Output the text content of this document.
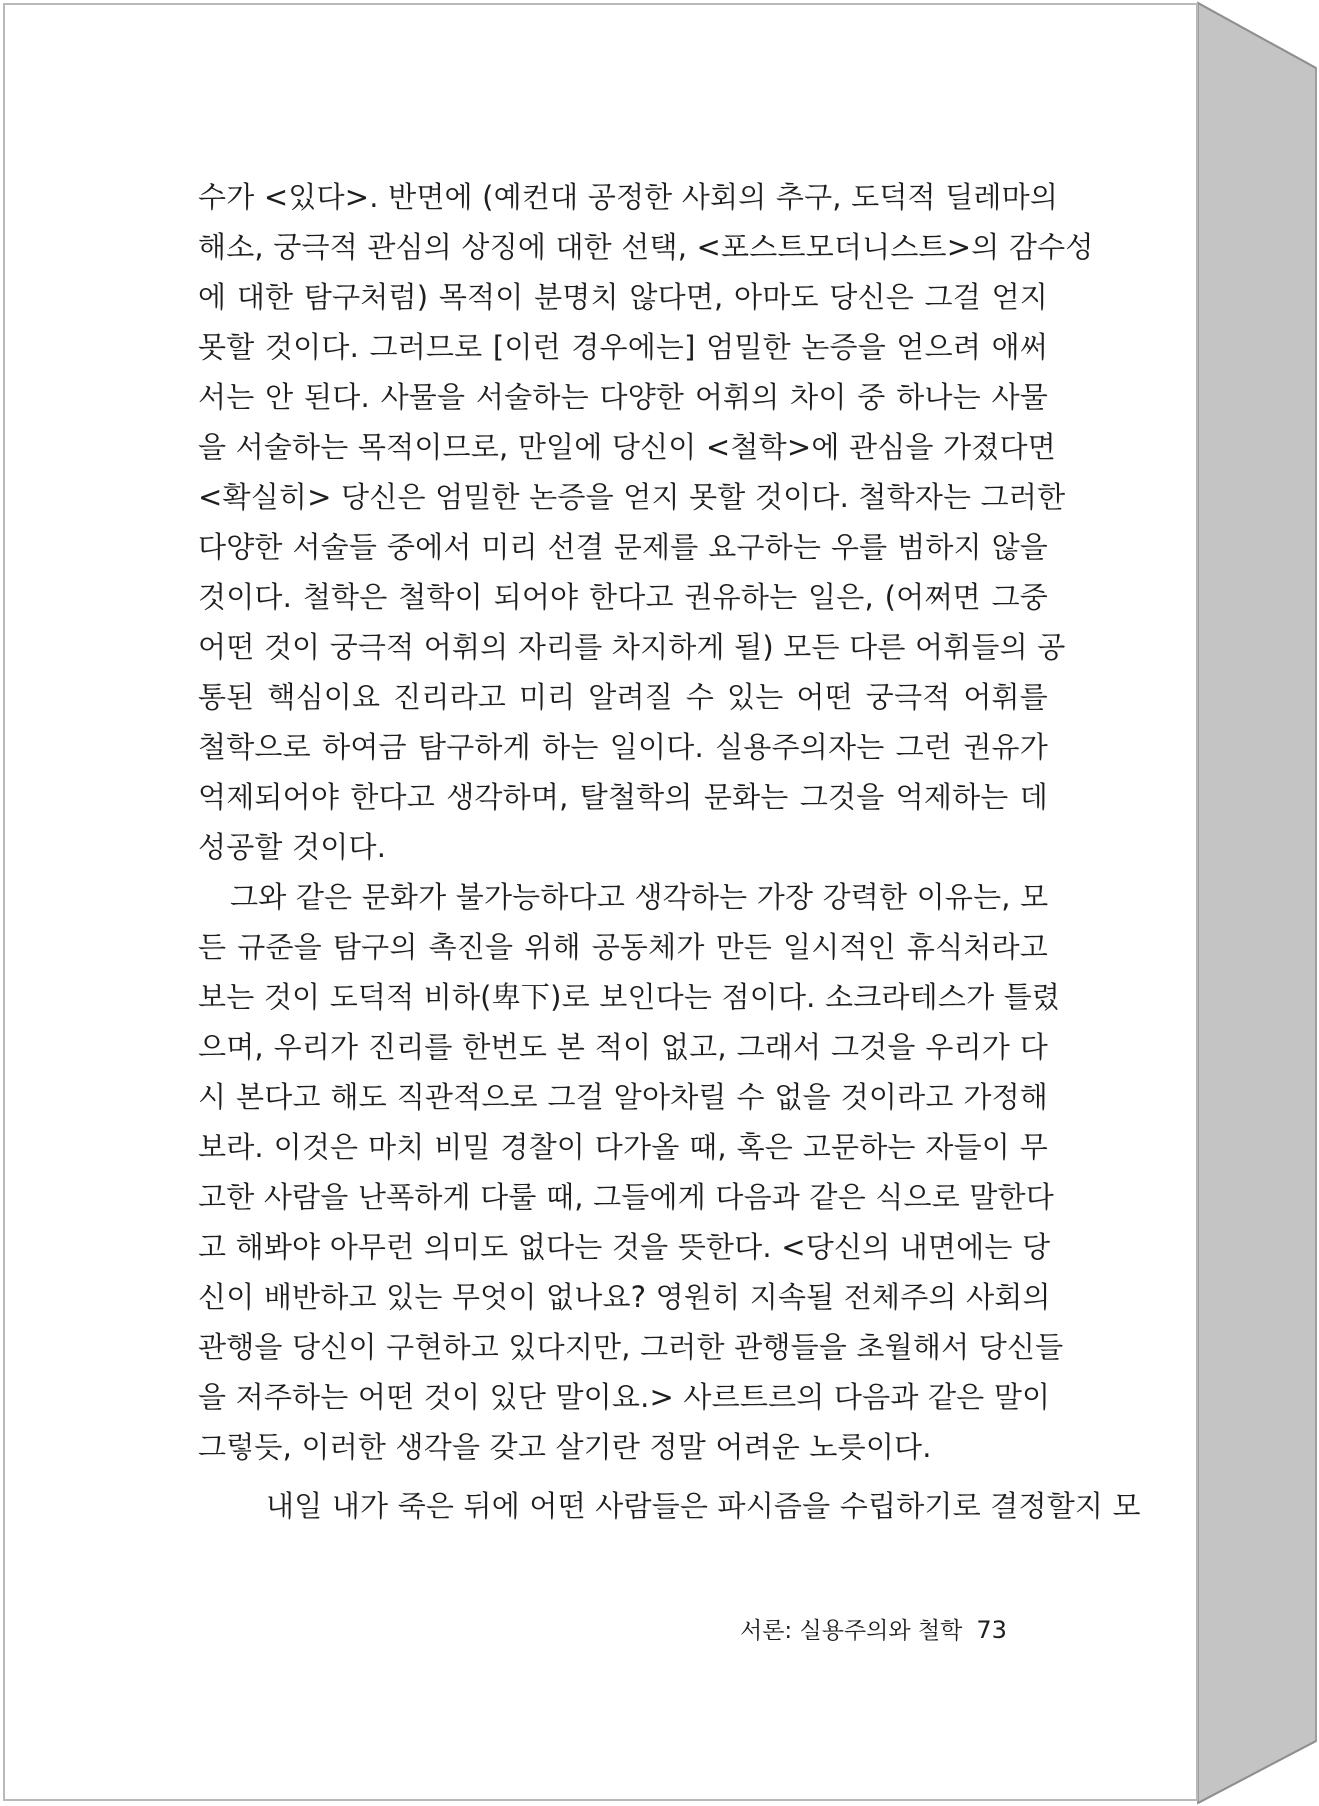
수가 <있다>. 반면에 (예컨대 공정한 사회의 추구, 도덕적 딜레마의
해소, 궁극적 관심의 상징에 대한 선택, <포스트모더니스트>의 감수성
에 대한 탐구처럼) 목적이 분명치 않다면, 아마도 당신은 그걸 얻지
못할 것이다. 그러므로 [이런 경우에는] 엄밀한 논증을 얻으려 애써
서는 안 된다. 사물을 서술하는 다양한 어휘의 차이 중 하나는 사물
을 서술하는 목적이므로, 만일에 당신이 <철학>에 관심을 가졌다면
<확실히> 당신은 엄밀한 논증을 얻지 못할 것이다. 철학자는 그러한
다양한 서술들 중에서 미리 선결 문제를 요구하는 우를 범하지 않을
것이다. 철학은 철학이 되어야 한다고 권유하는 일은, (어쩌면 그중
어떤 것이 궁극적 어휘의 자리를 차지하게 될) 모든 다른 어휘들의 공
통된 핵심이요 진리라고 미리 알려질 수 있는 어떤 궁극적 어휘를
철학으로 하여금 탐구하게 하는 일이다. 실용주의자는 그런 권유가
억제되어야 한다고 생각하며, 탈철학의 문화는 그것을 억제하는 데
성공할 것이다.
그와 같은 문화가 불가능하다고 생각하는 가장 강력한 이유는, 모
든 규준을 탐구의 촉진을 위해 공동체가 만든 일시적인 휴식처라고
보는 것이 도덕적 비하(卑下)로 보인다는 점이다. 소크라테스가 틀렸
으며, 우리가 진리를 한번도 본 적이 없고, 그래서 그것을 우리가 다
시 본다고 해도 직관적으로 그걸 알아차릴 수 없을 것이라고 가정해
보라. 이것은 마치 비밀 경찰이 다가올 때, 혹은 고문하는 자들이 무
고한 사람을 난폭하게 다룰 때, 그들에게 다음과 같은 식으로 말한다
고 해봐야 아무런 의미도 없다는 것을 뜻한다. <당신의 내면에는 당
신이 배반하고 있는 무엇이 없나요? 영원히 지속될 전체주의 사회의
관행을 당신이 구현하고 있다지만, 그러한 관행들을 초월해서 당신들
을 저주하는 어떤 것이 있단 말이요.> 사르트르의 다음과 같은 말이
그렇듯, 이러한 생각을 갖고 살기란 정말 어려운 노릇이다.
내일 내가 죽은 뒤에 어떤 사람들은 파시즘을 수립하기로 결정할지 모
서론: 실용주의와 철학 73
